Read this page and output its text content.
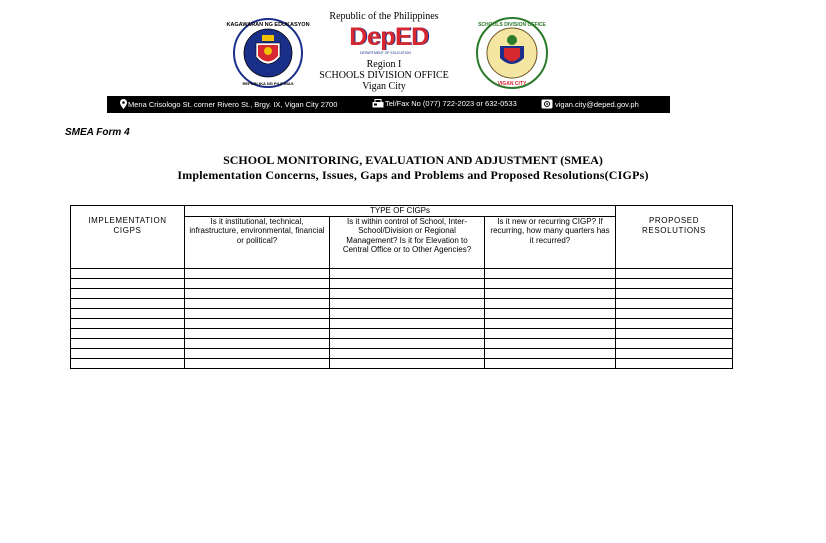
KAGAWARAN NG EDUKASYON
REPUBLIKA NG PILIPINAS
Republic of the Philippines
DepED
DEPARTMENT OF EDUCATION
Region I
SCHOOLS DIVISION OFFICE
Vigan City
SCHOOLS DIVISION OFFICE
VIGAN CITY
Mena Crisologo St. corner Rivero St., Brgy. IX, Vigan City 2700	Tel/Fax No (077) 722-2023 or 632-0533	vigan.city@deped.gov.ph
SMEA Form 4
SCHOOL MONITORING, EVALUATION AND ADJUSTMENT (SMEA)
Implementation Concerns, Issues, Gaps and Problems and Proposed Resolutions(CIGPs)
	TYPE OF CIGPs			
IMPLEMENTATION CIGPS	Is it institutional, technical, infrastructure, environmental, financial or political?	Is it within control of School, Inter-School/Division or Regional Management? Is it for Elevation to Central Office or to Other Agencies?	Is it new or recurring CIGP? If recurring, how many quarters has it recurred?	PROPOSED RESOLUTIONS
